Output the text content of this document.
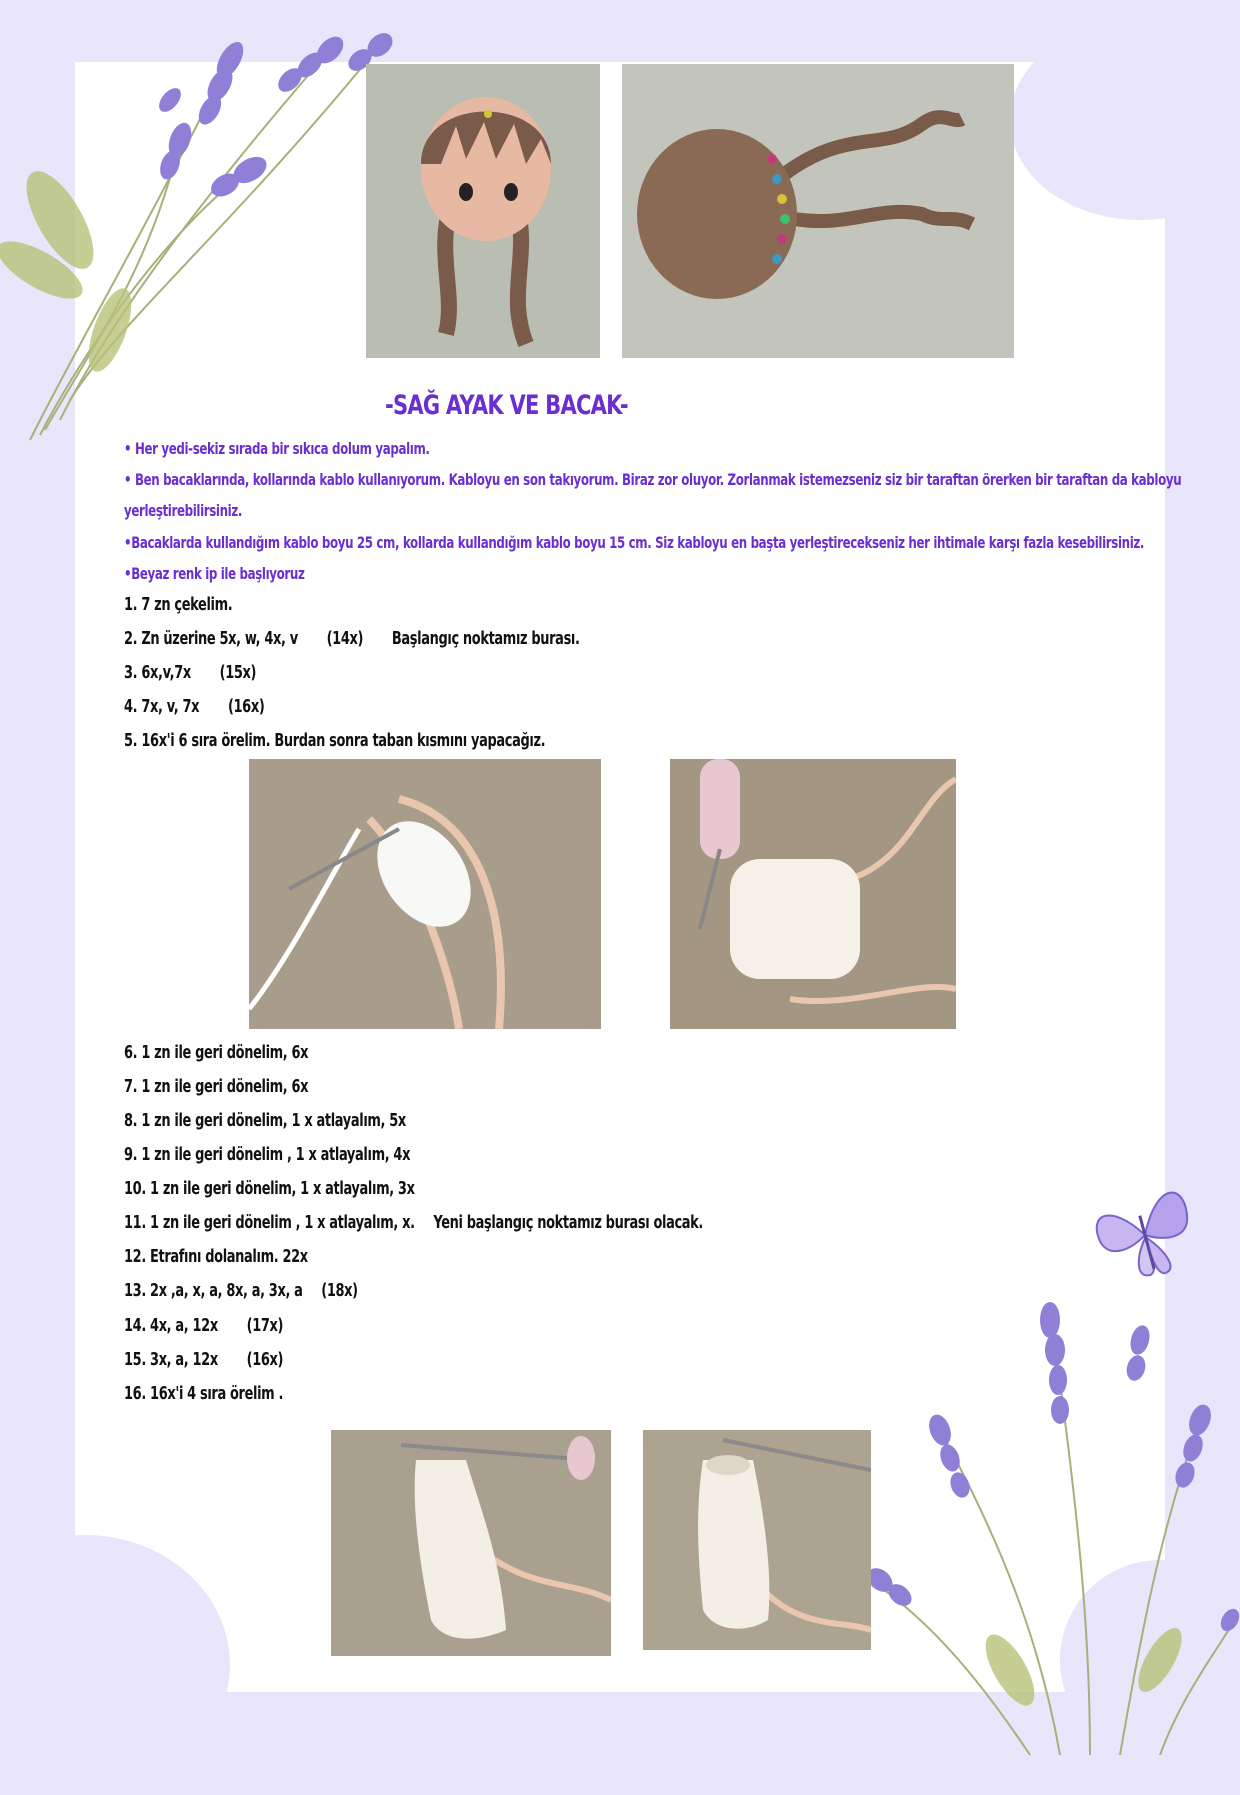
-SAĞ AYAK VE BACAK-
• Her yedi-sekiz sırada bir sıkıca dolum yapalım.
• Ben bacaklarında, kollarında kablo kullanıyorum. Kabloyu en son takıyorum. Biraz zor oluyor. Zorlanmak istemezseniz siz bir taraftan örerken bir taraftan da kabloyu
yerleştirebilirsiniz.
•Bacaklarda kullandığım kablo boyu 25 cm, kollarda kullandığım kablo boyu 15 cm. Siz kabloyu en başta yerleştirecekseniz her ihtimale karşı fazla kesebilirsiniz.
•Beyaz renk ip ile başlıyoruz
1. 7 zn çekelim.
2. Zn üzerine 5x, w, 4x, v (14x) Başlangıç noktamız burası.
3. 6x,v,7x (15x)
4. 7x, v, 7x (16x)
5. 16x'i 6 sıra örelim. Burdan sonra taban kısmını yapacağız.
6. 1 zn ile geri dönelim, 6x
7. 1 zn ile geri dönelim, 6x
8. 1 zn ile geri dönelim, 1 x atlayalım, 5x
9. 1 zn ile geri dönelim , 1 x atlayalım, 4x
10. 1 zn ile geri dönelim, 1 x atlayalım, 3x
11. 1 zn ile geri dönelim , 1 x atlayalım, x. Yeni başlangıç noktamız burası olacak.
12. Etrafını dolanalım. 22x
13. 2x ,a, x, a, 8x, a, 3x, a (18x)
14. 4x, a, 12x (17x)
15. 3x, a, 12x (16x)
16. 16x'i 4 sıra örelim .
